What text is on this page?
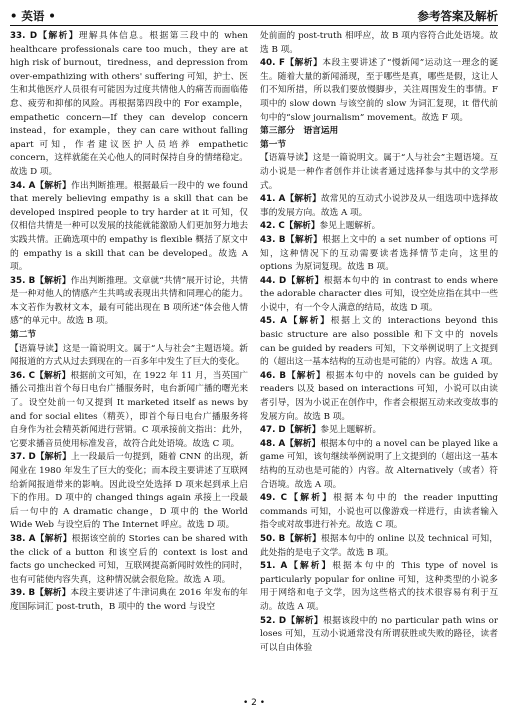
• 英语 •	参考答案及解析

33. D【解析】理解具体信息。根据第三段中的 when healthcare professionals care too much，they are at high risk of burnout，tiredness，and depression from over-empathizing with others' suffering 可知，护士、医生和其他医疗人员很有可能因为过度共情他人的痛苦而面临倦怠、疲劳和抑郁的风险。再根据第四段中的 For example，empathetic concern—If they can develop concern instead，for example，they can care without falling apart 可知，作者建议医护人员培养 empathetic concern，这样就能在关心他人的同时保持自身的情绪稳定。故选 D 项。

34. A【解析】作出判断推理。根据最后一段中的 we found that merely believing empathy is a skill that can be developed inspired people to try harder at it 可知，仅仅相信共情是一种可以发展的技能就能激励人们更加努力地去实践共情。正确选项中的 empathy is flexible 概括了原文中的 empathy is a skill that can be developed。故选 A 项。

35. B【解析】作出判断推理。文章就“共情”展开讨论，共情是一种对他人的情感产生共鸣或表现出共情和同理心的能力。本文若作为教材文本，最有可能出现在 B 项所述“体会他人情感”的单元中。故选 B 项。

第二节

【语篇导读】这是一篇说明文。属于“人与社会”主题语境。新闻报道的方式从过去到现在的一百多年中发生了巨大的变化。

36. C【解析】根据前文可知，在 1922 年 11 月，当英国广播公司推出首个每日电台广播服务时，电台新闻广播的曙光来了。设空处前一句又提到 It marketed itself as news by and for social elites（精英），即首个每日电台广播服务将自身作为社会精英新闻进行营销。C 项承接前文指出：此外，它要求播音员使用标准发音，故符合此处语境。故选 C 项。

37. D【解析】上一段最后一句提到，随着 CNN 的出现，新闻业在 1980 年发生了巨大的变化；而本段主要讲述了互联网给新闻报道带来的影响。因此设空处选择 D 项来起到承上启下的作用。D 项中的 changed things again 承接上一段最后一句中的 A dramatic change，D 项中的 the World Wide Web 与设空后的 The Internet 呼应。故选 D 项。

38. A【解析】根据该空前的 Stories can be shared with the click of a button 和该空后的 context is lost and facts go unchecked 可知，互联网提高新闻时效性的同时，也有可能使内容失真，这种情况就会很危险。故选 A 项。

39. B【解析】本段主要讲述了牛津词典在 2016 年发布的年度国际词汇 post-truth，B 项中的 the word 与设空

处前面的 post-truth 相呼应，故 B 项内容符合此处语境。故选 B 项。

40. F【解析】本段主要讲述了“慢新闻”运动这一理念的诞生。随着大量的新闻涌现，至于哪些是真，哪些是假，这让人们不知所措，所以我们要放慢脚步，关注周围发生的事情。F 项中的 slow down 与该空前的 slow 为词汇复现，it 借代前句中的“slow journalism” movement。故选 F 项。

第三部分　语言运用

第一节

【语篇导读】这是一篇说明文。属于“人与社会”主题语境。互动小说是一种作者创作并让读者通过选择参与其中的文学形式。

41. A【解析】故常见的互动式小说涉及从一组选项中选择故事的发展方向。故选 A 项。

42. C【解析】参见上题解析。

43. B【解析】根据上文中的 a set number of options 可知，这种情况下的互动需要读者选择情节走向，这里的 options 为原词复现。故选 B 项。

44. D【解析】根据本句中的 in contrast to ends where the adorable character dies 可知，设空处应指在其中一些小说中，有一个令人满意的结局，故选 D 项。

45. A【解析】根据上文的 interactions beyond this basic structure are also possible 和下文中的 novels can be guided by readers 可知，下文举例说明了上文提到的（超出这一基本结构的互动也是可能的）内容。故选 A 项。

46. B【解析】根据本句中的 novels can be guided by readers 以及 based on interactions 可知，小说可以由读者引导，因为小说正在创作中，作者会根据互动来改变故事的发展方向。故选 B 项。

47. D【解析】参见上题解析。

48. A【解析】根据本句中的 a novel can be played like a game 可知，该句继续举例说明了上文提到的（超出这一基本结构的互动也是可能的）内容。故 Alternatively（或者）符合语境。故选 A 项。

49. C【解析】根据本句中的 the reader inputting commands 可知，小说也可以像游戏一样进行，由读者输入指令或对故事进行补充。故选 C 项。

50. B【解析】根据本句中的 online 以及 technical 可知，此处指的是电子文学。故选 B 项。

51. A【解析】根据本句中的 This type of novel is particularly popular for online 可知，这种类型的小说多用于网络和电子文学，因为这些格式的技术很容易有利于互动。故选 A 项。

52. D【解析】根据该段中的 no particular path wins or loses 可知，互动小说通常没有所谓获胜或失败的路径，读者可以自由体验

• 2 •
